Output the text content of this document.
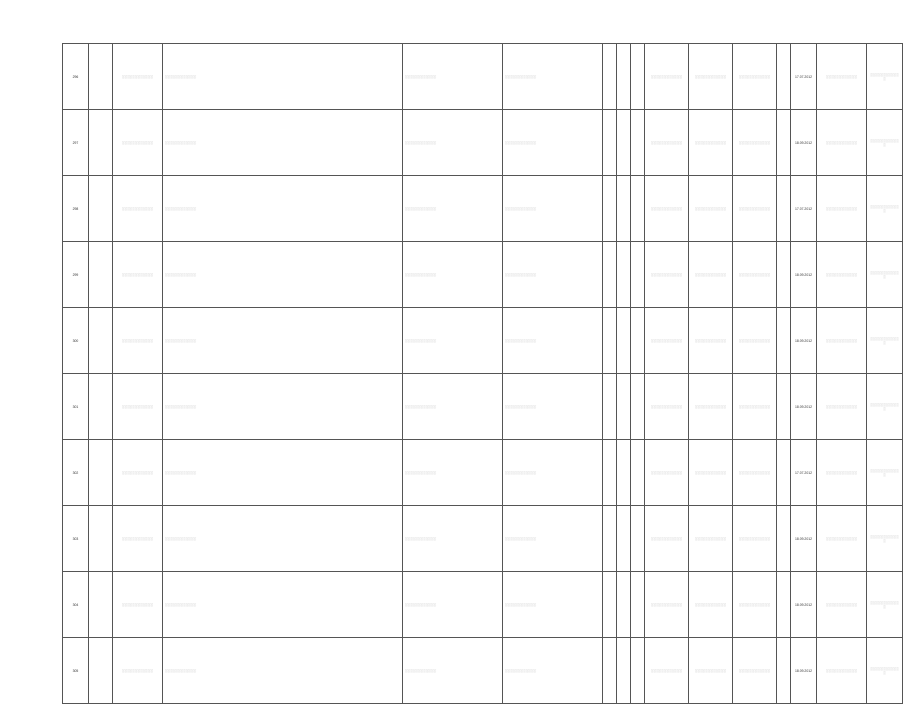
296		░░░░░░░░░░░░	░░░░░░░░░░░░	░░░░░░░░░░░░	░░░░░░░░░░░░				░░░░░░░░░░░░	░░░░░░░░░░░░	░░░░░░░░░░░░		17.07.2012	░░░░░░░░░░░░	░░░░░░░░░░░░

297		░░░░░░░░░░░░	░░░░░░░░░░░░	░░░░░░░░░░░░	░░░░░░░░░░░░				░░░░░░░░░░░░	░░░░░░░░░░░░	░░░░░░░░░░░░		18.09.2012	░░░░░░░░░░░░	░░░░░░░░░░░░

298		░░░░░░░░░░░░	░░░░░░░░░░░░	░░░░░░░░░░░░	░░░░░░░░░░░░				░░░░░░░░░░░░	░░░░░░░░░░░░	░░░░░░░░░░░░		17.07.2012	░░░░░░░░░░░░	░░░░░░░░░░░░

299		░░░░░░░░░░░░	░░░░░░░░░░░░	░░░░░░░░░░░░	░░░░░░░░░░░░				░░░░░░░░░░░░	░░░░░░░░░░░░	░░░░░░░░░░░░		18.09.2012	░░░░░░░░░░░░	░░░░░░░░░░░░

300		░░░░░░░░░░░░	░░░░░░░░░░░░	░░░░░░░░░░░░	░░░░░░░░░░░░				░░░░░░░░░░░░	░░░░░░░░░░░░	░░░░░░░░░░░░		18.09.2012	░░░░░░░░░░░░	░░░░░░░░░░░░

301		░░░░░░░░░░░░	░░░░░░░░░░░░	░░░░░░░░░░░░	░░░░░░░░░░░░				░░░░░░░░░░░░	░░░░░░░░░░░░	░░░░░░░░░░░░		18.09.2012	░░░░░░░░░░░░	░░░░░░░░░░░░

302		░░░░░░░░░░░░	░░░░░░░░░░░░	░░░░░░░░░░░░	░░░░░░░░░░░░				░░░░░░░░░░░░	░░░░░░░░░░░░	░░░░░░░░░░░░		17.07.2012	░░░░░░░░░░░░	░░░░░░░░░░░░

303		░░░░░░░░░░░░	░░░░░░░░░░░░	░░░░░░░░░░░░	░░░░░░░░░░░░				░░░░░░░░░░░░	░░░░░░░░░░░░	░░░░░░░░░░░░		18.09.2012	░░░░░░░░░░░░	░░░░░░░░░░░░

304		░░░░░░░░░░░░	░░░░░░░░░░░░	░░░░░░░░░░░░	░░░░░░░░░░░░				░░░░░░░░░░░░	░░░░░░░░░░░░	░░░░░░░░░░░░		18.09.2012	░░░░░░░░░░░░	░░░░░░░░░░░░

305		░░░░░░░░░░░░	░░░░░░░░░░░░	░░░░░░░░░░░░	░░░░░░░░░░░░				░░░░░░░░░░░░	░░░░░░░░░░░░	░░░░░░░░░░░░		18.09.2012	░░░░░░░░░░░░	░░░░░░░░░░░░
